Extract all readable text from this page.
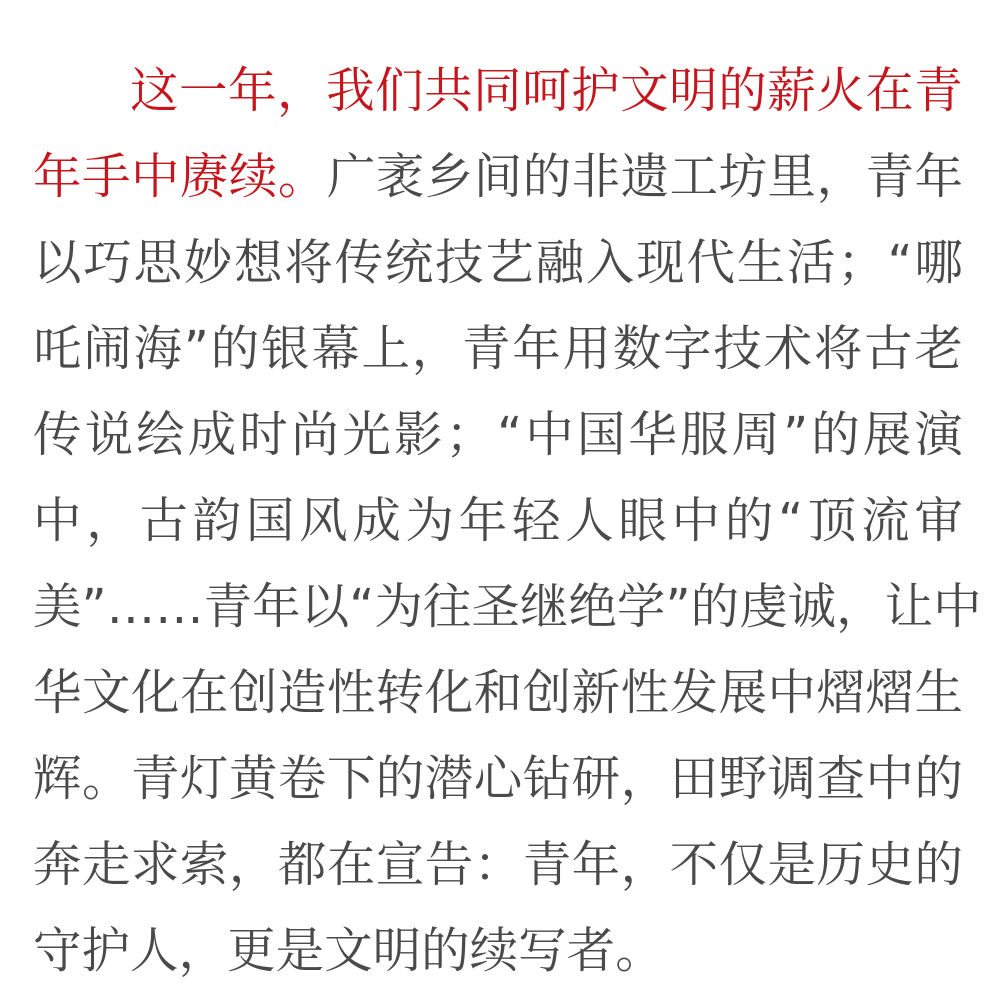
这 一 年 ， 我 们 共 同 呵 护 文 明 的 薪 火 在 青
年 手 中 赓 续 。 广 袤 乡 间 的 非 遗 工 坊 里 ， 青 年
以 巧 思 妙 想 将 传 统 技 艺 融 入 现 代 生 活 ； “ 哪
吒 闹 海 ” 的 银 幕 上 ， 青 年 用 数 字 技 术 将 古 老
传 说 绘 成 时 尚 光 影 ； “ 中 国 华 服 周 ” 的 展 演
中 ， 古 韵 国 风 成 为 年 轻 人 眼 中 的 “ 顶 流 审
美 ” … … 青 年 以 “ 为 往 圣 继 绝 学 ” 的 虔 诚 ， 让 中
华 文 化 在 创 造 性 转 化 和 创 新 性 发 展 中 熠 熠 生
辉 。 青 灯 黄 卷 下 的 潜 心 钻 研 ， 田 野 调 查 中 的
奔 走 求 索 ， 都 在 宣 告 ： 青 年 ， 不 仅 是 历 史 的
守 护 人 ， 更 是 文 明 的 续 写 者 。
